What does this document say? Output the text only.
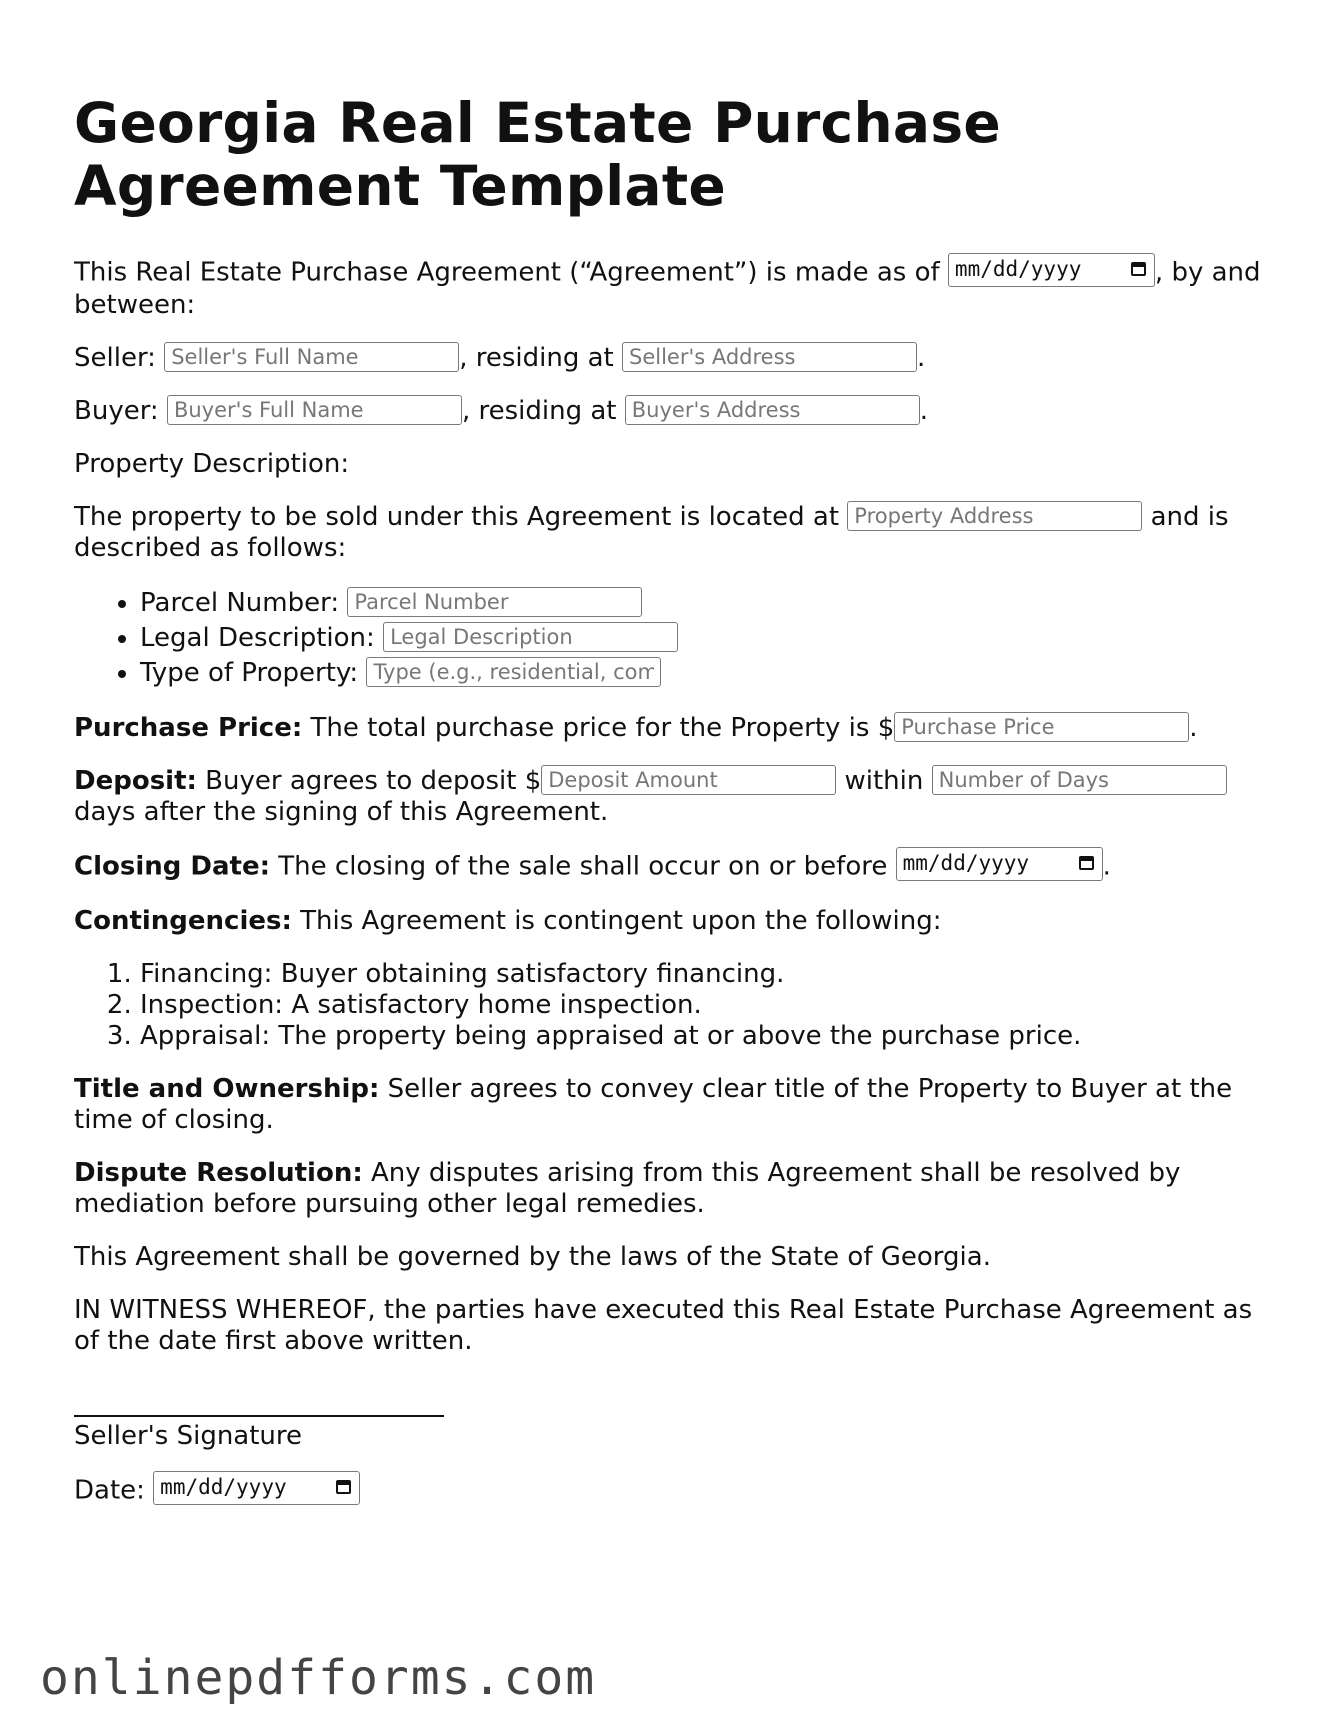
Georgia Real Estate Purchase Agreement Template

This Real Estate Purchase Agreement (“Agreement”) is made as of mm/dd/yyyy	, by and between:

Seller: Seller's Full Name	, residing at Seller's Address	.

Buyer: Buyer's Full Name	, residing at Buyer's Address	.

Property Description:

The property to be sold under this Agreement is located at Property Address	and is described as follows:

• Parcel Number: Parcel Number
• Legal Description: Legal Description
• Type of Property: Type (e.g., residential, commercial)

Purchase Price: The total purchase price for the Property is $Purchase Price	.

Deposit: Buyer agrees to deposit $Deposit Amount	within Number of Days days after the signing of this Agreement.

Closing Date: The closing of the sale shall occur on or before mm/dd/yyyy	.

Contingencies: This Agreement is contingent upon the following:

1. Financing: Buyer obtaining satisfactory financing.
2. Inspection: A satisfactory home inspection.
3. Appraisal: The property being appraised at or above the purchase price.

Title and Ownership: Seller agrees to convey clear title of the Property to Buyer at the time of closing.

Dispute Resolution: Any disputes arising from this Agreement shall be resolved by mediation before pursuing other legal remedies.

This Agreement shall be governed by the laws of the State of Georgia.

IN WITNESS WHEREOF, the parties have executed this Real Estate Purchase Agreement as of the date first above written.

Seller's Signature

Date: mm/dd/yyyy

onlinepdfforms.com
